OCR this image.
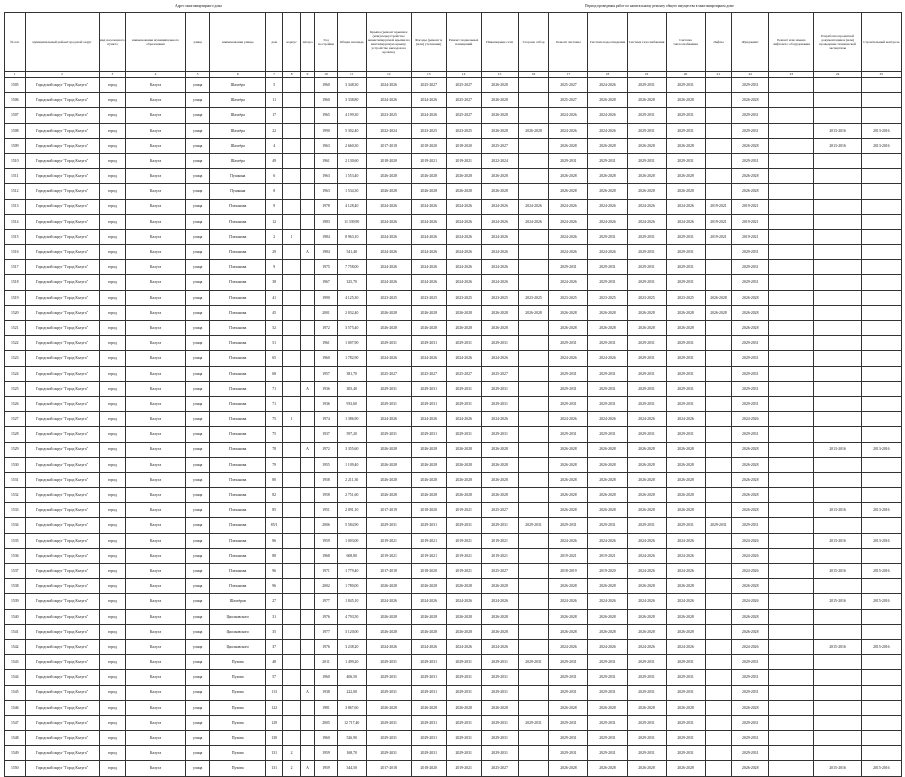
Адрес многоквартирного дома	Период проведения работ по капитальному ремонту общего имущества в многоквартирном доме
№ п/п	муниципальный район/городской округ	вид населенного пункта	наименование муниципального образования	улица	наименование улицы	дом	корпус	литера	Год постройки	Общая площадь	Крыша (ремонт крыши и (или) переустройство невентилируемой крыши на вентилируемую крышу, устройство выходов на кровлю)	Фасады (ремонт и (или) утепление)	Ремонт подвальных помещений	Инженерные сети	Сторона отбор	Ремонт системы	Система водоотведения	Система газоснабжения	Система теплоснабжения	Лифты	Фундамент	Ремонт или замена лифтового оборудования	Разработка проектной документации и (или) проведение технической экспертизы	Строительный контроль
1	2	3	4	5	6	7	8	9	10	11	12	13	14	15	16	17	18	19	20	21	22	23	24	25
1505	Городской округ "Город Калуга"	город	Калуга	улица	Шахтёра	5			1960	3 348,30	2024-2026	2025-2027	2025-2027	2026-2028		2025-2027	2024-2026	2029-2031	2029-2031		2029-2031			
1506	Городской округ "Город Калуга"	город	Калуга	улица	Шахтёра	11			1960	3 338,80	2024-2026	2024-2026	2025-2027	2026-2028		2025-2027	2026-2028	2026-2028	2026-2028		2026-2028			
1507	Городской округ "Город Калуга"	город	Калуга	улица	Шахтёра	17			1965	4 199,30	2023-2025	2024-2026	2025-2027	2026-2028		2024-2026	2024-2026	2029-2031	2029-2031		2029-2031			
1508	Городской округ "Город Калуга"	город	Калуга	улица	Шахтёра	22			1990	5 302,40	2022-2024	2023-2025	2023-2025	2026-2028	2026-2028	2024-2026	2024-2026	2029-2031	2029-2031		2029-2031		2013-2016	2013-2016
1509	Городской округ "Город Калуга"	город	Калуга	улица	Шахтёра	4			1963	2 660,30	2017-2018	2018-2020	2018-2020	2025-2027		2026-2028	2026-2028	2026-2028	2026-2028		2026-2028		2013-2016	2013-2016
1510	Городской округ "Город Калуга"	город	Калуга	улица	Шахтёра	49			1961	2 130,60	2018-2020	2019-2021	2019-2021	2022-2024		2029-2031	2029-2031	2029-2031	2029-2031		2029-2031			
1511	Городской округ "Город Калуга"	город	Калуга	улица	Пушкина	6			1963	1 553,40	2026-2028	2026-2028	2026-2028	2026-2028		2026-2028	2026-2028	2026-2028	2026-2028		2026-2028			
1512	Городской округ "Город Калуга"	город	Калуга	улица	Пушкина	8			1963	1 534,30	2026-2028	2026-2028	2026-2028	2026-2028		2026-2028	2026-2028	2026-2028	2026-2028		2026-2028			
1513	Городской округ "Город Калуга"	город	Калуга	улица	Плеханова	9			1978	4 128,40	2024-2026	2024-2026	2024-2026	2024-2026	2024-2026	2024-2026	2024-2026	2024-2026	2024-2026	2019-2021	2019-2021			
1514	Городской округ "Город Калуга"	город	Калуга	улица	Плеханова	12			1983	11 339,90	2024-2026	2024-2026	2024-2026	2024-2026	2024-2026	2024-2026	2024-2026	2024-2026	2024-2026	2019-2021	2019-2021			
1515	Городской округ "Город Калуга"	город	Калуга	улица	Плеханова	2	1		1984	8 963,10	2024-2026	2024-2026	2024-2026	2024-2026		2024-2026	2029-2031	2029-2031	2029-2031	2019-2021	2019-2021			
1516	Городской округ "Город Калуга"	город	Калуга	улица	Плеханова	29		А	1984	541,40	2024-2026	2024-2026	2024-2026	2024-2026		2024-2026	2024-2026	2029-2031	2029-2031		2029-2031			
1517	Городской округ "Город Калуга"	город	Калуга	улица	Плеханова	9			1975	7 758,00	2024-2026	2024-2026	2024-2026	2024-2026		2029-2031	2029-2031	2029-2031	2029-2031		2029-2031			
1518	Городской округ "Город Калуга"	город	Калуга	улица	Плеханова	38			1967	325,70	2024-2026	2024-2026	2024-2026	2024-2026		2024-2026	2029-2031	2029-2031	2029-2031		2029-2031			
1519	Городской округ "Город Калуга"	город	Калуга	улица	Плеханова	41			1990	4 125,30	2023-2025	2023-2025	2023-2025	2023-2025	2023-2025	2023-2025	2023-2025	2023-2025	2023-2025	2026-2028	2026-2028			
1520	Городской округ "Город Калуга"	город	Калуга	улица	Плеханова	45			2001	2 032,40	2026-2028	2026-2028	2026-2028	2026-2028	2026-2028	2026-2028	2026-2028	2026-2028	2026-2028	2026-2028	2026-2028			
1521	Городской округ "Город Калуга"	город	Калуга	улица	Плеханова	52			1972	3 575,40	2026-2028	2026-2028	2026-2028	2026-2028		2026-2028	2026-2028	2026-2028	2026-2028		2026-2028			
1522	Городской округ "Город Калуга"	город	Калуга	улица	Плеханова	51			1961	1 007,90	2029-2031	2029-2031	2029-2031	2029-2031		2029-2031	2029-2031	2029-2031	2029-2031		2029-2031			
1523	Городской округ "Город Калуга"	город	Калуга	улица	Плеханова	65			1960	1 782,90	2024-2026	2024-2026	2024-2026	2024-2026		2024-2026	2024-2026	2029-2031	2029-2031		2029-2031			
1524	Городской округ "Город Калуга"	город	Калуга	улица	Плеханова	68			1957	381,70	2025-2027	2025-2027	2025-2027	2025-2027		2029-2031	2029-2031	2029-2031	2029-2031		2029-2031			
1525	Городской округ "Город Калуга"	город	Калуга	улица	Плеханова	71		А	1936	305,40	2029-2031	2029-2031	2029-2031	2029-2031		2029-2031	2029-2031	2029-2031	2029-2031		2029-2031			
1526	Городской округ "Город Калуга"	город	Калуга	улица	Плеханова	71			1936	933,60	2029-2031	2029-2031	2029-2031	2029-2031		2029-2031	2029-2031	2029-2031	2029-2031		2029-2031			
1527	Городской округ "Город Калуга"	город	Калуга	улица	Плеханова	75	1		1974	1 386,90	2024-2026	2024-2026	2024-2026	2024-2026		2024-2026	2024-2026	2024-2026	2024-2026		2024-2026			
1528	Городской округ "Город Калуга"	город	Калуга	улица	Плеханова	75			1937	597,20	2029-2031	2029-2031	2029-2031	2029-2031		2029-2031	2029-2031	2029-2031	2029-2031		2029-2031			
1529	Городской округ "Город Калуга"	город	Калуга	улица	Плеханова	78		А	1972	3 355,60	2026-2028	2026-2028	2026-2028	2026-2028		2026-2028	2026-2028	2026-2028	2026-2028		2026-2028		2013-2016	2013-2016
1530	Городской округ "Город Калуга"	город	Калуга	улица	Плеханова	79			1955	1 109,40	2026-2028	2026-2028	2026-2028	2026-2028		2026-2028	2026-2028	2026-2028	2026-2028		2026-2028			
1531	Городской округ "Город Калуга"	город	Калуга	улица	Плеханова	80			1958	2 211,30	2026-2028	2026-2028	2026-2028	2026-2028		2026-2028	2026-2028	2026-2028	2026-2028		2026-2028			
1532	Городской округ "Город Калуга"	город	Калуга	улица	Плеханова	82			1958	2 751,60	2026-2028	2026-2028	2026-2028	2026-2028		2026-2028	2026-2028	2026-2028	2026-2028		2026-2028			
1533	Городской округ "Город Калуга"	город	Калуга	улица	Плеханова	85			1951	2 091,10	2017-2019	2018-2020	2019-2021	2025-2027		2026-2028	2026-2028	2026-2028	2026-2028		2026-2028		2013-2016	2013-2016
1534	Городской округ "Город Калуга"	город	Калуга	улица	Плеханова	85/1			2006	5 584,90	2029-2031	2029-2031	2029-2031	2029-2031	2029-2031	2029-2031	2029-2031	2029-2031	2029-2031	2029-2031	2029-2031			
1535	Городской округ "Город Калуга"	город	Калуга	улица	Плеханова	86			1959	1 003,00	2019-2021	2019-2021	2019-2021	2019-2021		2024-2026	2024-2026	2024-2026	2024-2026		2024-2026		2013-2016	2013-2016
1536	Городской округ "Город Калуга"	город	Калуга	улица	Плеханова	88			1968	608,80	2019-2021	2019-2021	2019-2021	2019-2021		2019-2021	2019-2021	2024-2026	2024-2026		2024-2026			
1537	Городской округ "Город Калуга"	город	Калуга	улица	Плеханова	96			1971	1 779,40	2017-2018	2018-2020	2019-2021	2025-2027		2018-2019	2019-2020	2024-2026	2024-2026		2024-2026		2015-2016	2015-2016
1538	Городской округ "Город Калуга"	город	Калуга	улица	Плеханова	96			2002	1 780,00	2026-2028	2026-2028	2026-2028	2026-2028		2026-2028	2026-2028	2026-2028	2026-2028		2026-2028			
1539	Городской округ "Город Калуга"	город	Калуга	улица	Шахтёров	27			1977	1 845,10	2024-2026	2024-2026	2024-2026	2024-2026		2024-2026	2024-2026	2024-2026	2024-2026		2024-2026		2015-2016	2015-2016
1540	Городской округ "Город Калуга"	город	Калуга	улица	Циолковского	31			1976	4 793,50	2026-2028	2026-2028	2026-2028	2026-2028		2026-2028	2026-2028	2026-2028	2026-2028		2026-2028			
1541	Городской округ "Город Калуга"	город	Калуга	улица	Циолковского	35			1977	3 120,00	2026-2028	2026-2028	2026-2028	2026-2028		2026-2028	2026-2028	2026-2028	2026-2028		2026-2028			
1542	Городской округ "Город Калуга"	город	Калуга	улица	Циолковского	37			1976	3 238,20	2024-2026	2024-2026	2024-2026	2024-2026		2024-2026	2024-2026	2024-2026	2024-2026		2024-2026		2015-2016	2015-2016
1543	Городской округ "Город Калуга"	город	Калуга	улица	Пухова	48			2011	1 499,20	2029-2031	2029-2031	2029-2031	2029-2031	2029-2031	2029-2031	2029-2031	2029-2031	2029-2031		2029-2031			
1544	Городской округ "Город Калуга"	город	Калуга	улица	Пухова	57			1960	406,50	2029-2031	2029-2031	2029-2031	2029-2031		2029-2031	2029-2031	2029-2031	2029-2031		2029-2031			
1545	Городской округ "Город Калуга"	город	Калуга	улица	Пухова	113		А	1938	222,00	2029-2031	2029-2031	2029-2031	2029-2031		2029-2031	2029-2031	2029-2031	2029-2031		2029-2031			
1546	Городской округ "Город Калуга"	город	Калуга	улица	Пухова	122			1981	3 867,60	2026-2028	2026-2028	2026-2028	2026-2028		2026-2028	2026-2028	2026-2028	2026-2028		2026-2028			
1547	Городской округ "Город Калуга"	город	Калуга	улица	Пухова	129			2005	12 717,40	2029-2031	2029-2031	2029-2031	2029-2031	2029-2031	2029-2031	2029-2031	2029-2031	2029-2031		2029-2031			
1548	Городской округ "Город Калуга"	город	Калуга	улица	Пухова	130			1960	526,90	2029-2031	2029-2031	2029-2031	2029-2031		2029-2031	2029-2031	2029-2031	2029-2031		2029-2031			
1549	Городской округ "Город Калуга"	город	Калуга	улица	Пухова	131	2		1959	168,70	2029-2031	2029-2031	2029-2031	2029-2031		2029-2031	2029-2031	2029-2031	2029-2031		2029-2031			
1550	Городской округ "Город Калуга"	город	Калуга	улица	Пухова	131	2	А	1959	344,50	2017-2018	2018-2020	2019-2021	2025-2027		2026-2028	2026-2028	2026-2028	2026-2028		2026-2028		2015-2016	2015-2016
